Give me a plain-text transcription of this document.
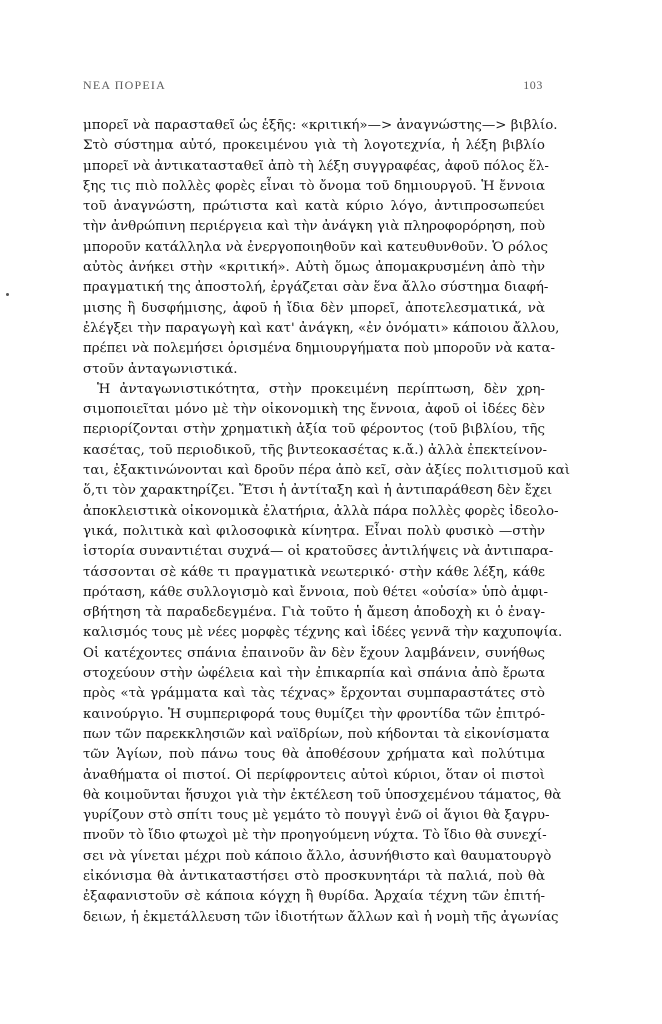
ΝΕΑ ΠΟΡΕΙΑ	103
μπορεῖ νὰ παρασταθεῖ ὡς ἑξῆς: «κριτική»—> ἀναγνώστης—> βιβλίο.
Στὸ σύστημα αὐτό, προκειμένου γιὰ τὴ λογοτεχνία, ἡ λέξη βιβλίο
μπορεῖ νὰ ἀντικατασταθεῖ ἀπὸ τὴ λέξη συγγραφέας, ἀφοῦ πόλος ἕλ-
ξης τις πιὸ πολλὲς φορὲς εἶναι τὸ ὄνομα τοῦ δημιουργοῦ. Ἡ ἔννοια
τοῦ ἀναγνώστη, πρώτιστα καὶ κατὰ κύριο λόγο, ἀντιπροσωπεύει
τὴν ἀνθρώπινη περιέργεια καὶ τὴν ἀνάγκη γιὰ πληροφορόρηση, ποὺ
μποροῦν κατάλληλα νὰ ἐνεργοποιηθοῦν καὶ κατευθυνθοῦν. Ὁ ρόλος
αὐτὸς ἀνήκει στὴν «κριτική». Αὐτὴ ὅμως ἀπομακρυσμένη ἀπὸ τὴν
πραγματική της ἀποστολή, ἐργάζεται σὰν ἕνα ἄλλο σύστημα διαφή-
μισης ἢ δυσφήμισης, ἀφοῦ ἡ ἴδια δὲν μπορεῖ, ἀποτελεσματικά, νὰ
ἐλέγξει τὴν παραγωγὴ καὶ κατ' ἀνάγκη, «ἐν ὀνόματι» κάποιου ἄλλου,
πρέπει νὰ πολεμήσει ὁρισμένα δημιουργήματα ποὺ μποροῦν νὰ κατα-
στοῦν ἀνταγωνιστικά.
Ἡ ἀνταγωνιστικότητα, στὴν προκειμένη περίπτωση, δὲν χρη-
σιμοποιεῖται μόνο μὲ τὴν οἰκονομικὴ της ἔννοια, ἀφοῦ οἱ ἰδέες δὲν
περιορίζονται στὴν χρηματικὴ ἀξία τοῦ φέροντος (τοῦ βιβλίου, τῆς
κασέτας, τοῦ περιοδικοῦ, τῆς βιντεοκασέτας κ.ἄ.) ἀλλὰ ἐπεκτείνον-
ται, ἐξακτινώνονται καὶ δροῦν πέρα ἀπὸ κεῖ, σὰν ἀξίες πολιτισμοῦ καὶ
ὅ,τι τὸν χαρακτηρίζει. Ἔτσι ἡ ἀντίταξη καὶ ἡ ἀντιπαράθεση δὲν ἔχει
ἀποκλειστικὰ οἰκονομικὰ ἐλατήρια, ἀλλὰ πάρα πολλὲς φορὲς ἰδεολο-
γικά, πολιτικὰ καὶ φιλοσοφικὰ κίνητρα. Εἶναι πολὺ φυσικὸ —στὴν
ἱστορία συναντιέται συχνά— οἱ κρατοῦσες ἀντιλήψεις νὰ ἀντιπαρα-
τάσσονται σὲ κάθε τι πραγματικὰ νεωτερικό· στὴν κάθε λέξη, κάθε
πρόταση, κάθε συλλογισμὸ καὶ ἔννοια, ποὺ θέτει «οὐσία» ὑπὸ ἀμφι-
σβήτηση τὰ παραδεδεγμένα. Γιὰ τοῦτο ἡ ἄμεση ἀποδοχὴ κι ὁ ἐναγ-
καλισμός τους μὲ νέες μορφὲς τέχνης καὶ ἰδέες γεννᾶ τὴν καχυποψία.
Οἱ κατέχοντες σπάνια ἐπαινοῦν ἂν δὲν ἔχουν λαμβάνειν, συνήθως
στοχεύουν στὴν ὠφέλεια καὶ τὴν ἐπικαρπία καὶ σπάνια ἀπὸ ἔρωτα
πρὸς «τὰ γράμματα καὶ τὰς τέχνας» ἔρχονται συμπαραστάτες στὸ
καινούργιο. Ἡ συμπεριφορά τους θυμίζει τὴν φροντίδα τῶν ἐπιτρό-
πων τῶν παρεκκλησιῶν καὶ ναϊδρίων, ποὺ κήδονται τὰ εἰκονίσματα
τῶν Ἁγίων, ποὺ πάνω τους θὰ ἀποθέσουν χρήματα καὶ πολύτιμα
ἀναθήματα οἱ πιστοί. Οἱ περίφροντεις αὐτοὶ κύριοι, ὅταν οἱ πιστοὶ
θὰ κοιμοῦνται ἥσυχοι γιὰ τὴν ἐκτέλεση τοῦ ὑποσχεμένου τάματος, θὰ
γυρίζουν στὸ σπίτι τους μὲ γεμάτο τὸ πουγγὶ ἐνῶ οἱ ἅγιοι θὰ ξαγρυ-
πνοῦν τὸ ἴδιο φτωχοὶ μὲ τὴν προηγούμενη νύχτα. Τὸ ἴδιο θὰ συνεχί-
σει νὰ γίνεται μέχρι ποὺ κάποιο ἄλλο, ἀσυνήθιστο καὶ θαυματουργὸ
εἰκόνισμα θὰ ἀντικαταστήσει στὸ προσκυνητάρι τὰ παλιά, ποὺ θὰ
ἐξαφανιστοῦν σὲ κάποια κόγχη ἢ θυρίδα. Ἀρχαία τέχνη τῶν ἐπιτή-
δειων, ἡ ἐκμετάλλευση τῶν ἰδιοτήτων ἄλλων καὶ ἡ νομὴ τῆς ἀγωνίας
